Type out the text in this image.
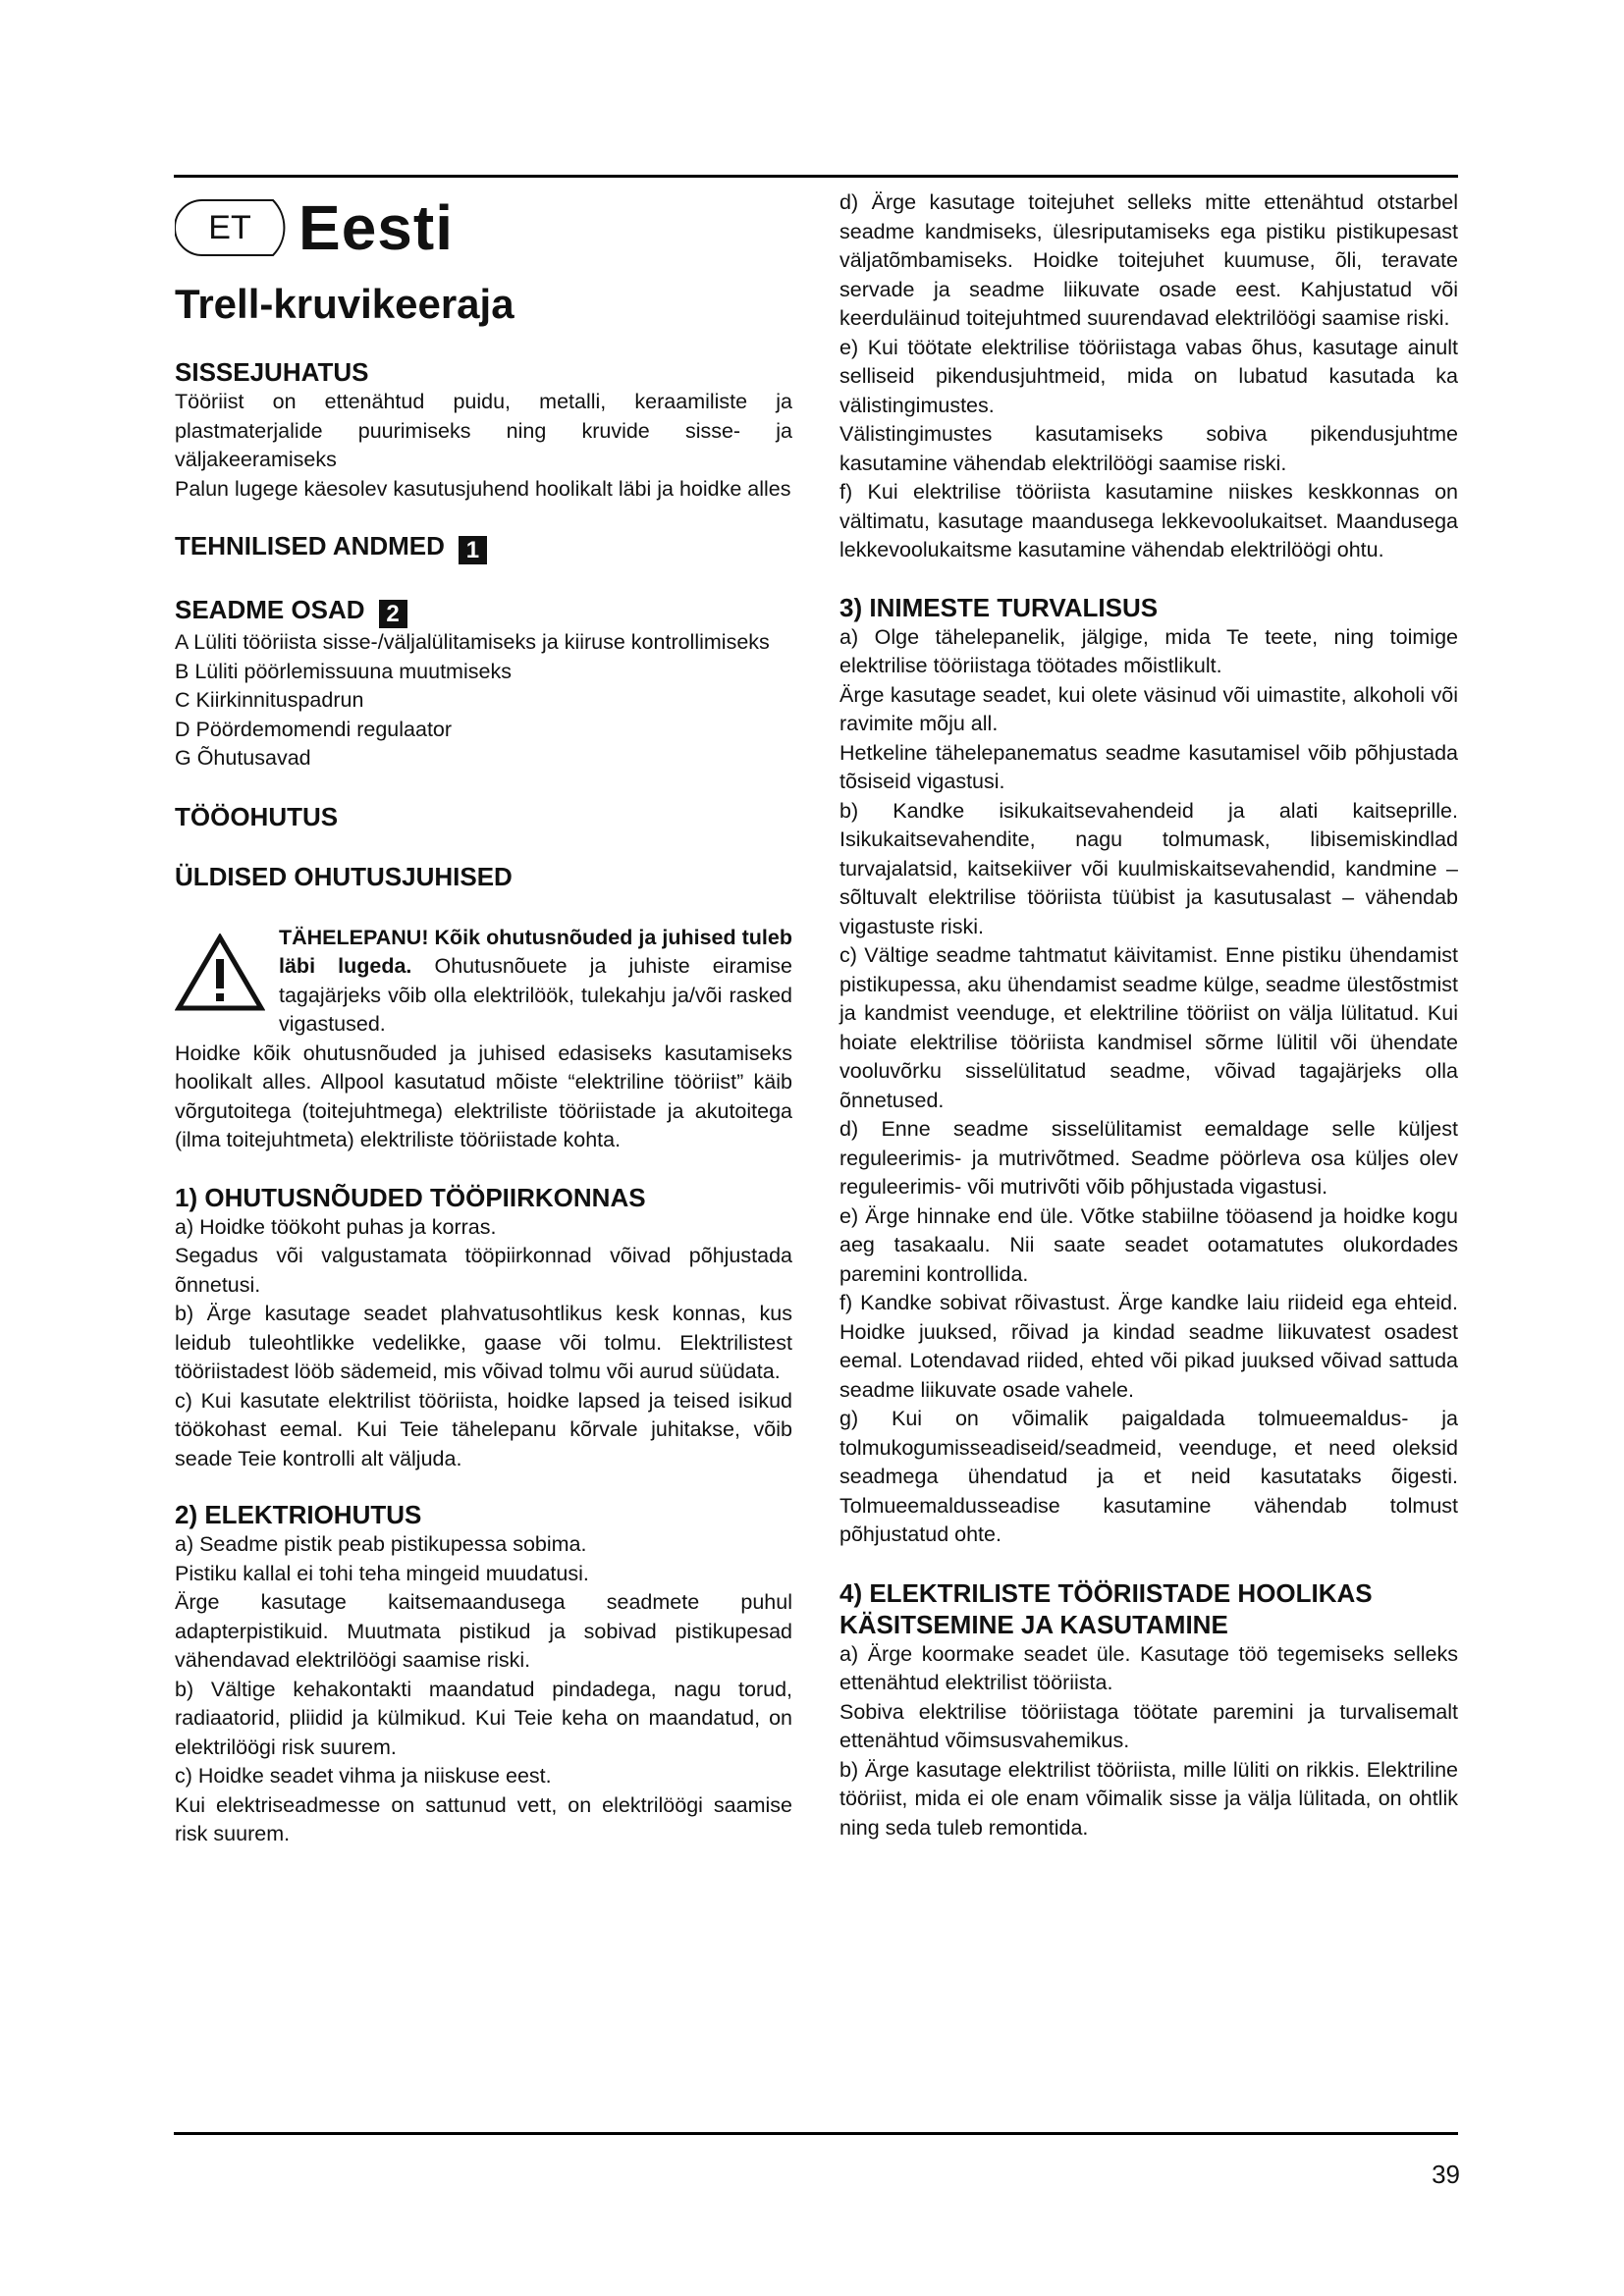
ET Eesti
Trell-kruvikeeraja
SISSEJUHATUS

Tööriist on ettenähtud puidu, metalli, keraamiliste ja plastmaterjalide puurimiseks ning kruvide sisse- ja väljakeeramiseks

Palun lugege käesolev kasutusjuhend hoolikalt läbi ja hoidke alles

TEHNILISED ANDMED 1
SEADME OSAD 2

A Lüliti tööriista sisse-/väljalülitamiseks ja kiiruse kontrollimiseks

B Lüliti pöörlemissuuna muutmiseks

C Kiirkinnituspadrun

D Pöördemomendi regulaator

G Õhutusavad

TÖÖOHUTUS
ÜLDISED OHUTUSJUHISED

TÄHELEPANU! Kõik ohutusnõuded ja juhised tuleb läbi lugeda. Ohutusnõuete ja juhiste eiramise tagajärjeks võib olla elektrilöök, tulekahju ja/või rasked vigastused.

Hoidke kõik ohutusnõuded ja juhised edasiseks kasutamiseks hoolikalt alles. Allpool kasutatud mõiste “elektriline tööriist” käib võrgutoitega (toitejuhtmega) elektriliste tööriistade ja akutoitega (ilma toitejuhtmeta) elektriliste tööriistade kohta.

1) OHUTUSNÕUDED TÖÖPIIRKONNAS

a) Hoidke töökoht puhas ja korras.

Segadus või valgustamata tööpiirkonnad võivad põhjustada õnnetusi.

b) Ärge kasutage seadet plahvatusohtlikus kesk konnas, kus leidub tuleohtlikke vedelikke, gaase või tolmu. Elektrilistest tööriistadest lööb sädemeid, mis võivad tolmu või aurud süüdata.

c) Kui kasutate elektrilist tööriista, hoidke lapsed ja teised isikud töökohast eemal. Kui Teie tähelepanu kõrvale juhitakse, võib seade Teie kontrolli alt väljuda.

2) ELEKTRIOHUTUS

a) Seadme pistik peab pistikupessa sobima.

Pistiku kallal ei tohi teha mingeid muudatusi.

Ärge kasutage kaitsemaandusega seadmete puhul adapterpistikuid. Muutmata pistikud ja sobivad pistikupesad vähendavad elektrilöögi saamise riski.

b) Vältige kehakontakti maandatud pindadega, nagu torud, radiaatorid, pliidid ja külmikud. Kui Teie keha on maandatud, on elektrilöögi risk suurem.

c) Hoidke seadet vihma ja niiskuse eest.

Kui elektriseadmesse on sattunud vett, on elektrilöögi saamise risk suurem.

d) Ärge kasutage toitejuhet selleks mitte ettenähtud otstarbel seadme kandmiseks, ülesriputamiseks ega pistiku pistikupesast väljatõmbamiseks. Hoidke toitejuhet kuumuse, õli, teravate servade ja seadme liikuvate osade eest. Kahjustatud või keerduläinud toitejuhtmed suurendavad elektrilöögi saamise riski.

e) Kui töötate elektrilise tööriistaga vabas õhus, kasutage ainult selliseid pikendusjuhtmeid, mida on lubatud kasutada ka välistingimustes.

Välistingimustes kasutamiseks sobiva pikendusjuhtme kasutamine vähendab elektrilöögi saamise riski.

f) Kui elektrilise tööriista kasutamine niiskes keskkonnas on vältimatu, kasutage maandusega lekkevoolukaitset. Maandusega lekkevoolukaitsme kasutamine vähendab elektrilöögi ohtu.

3) INIMESTE TURVALISUS

a) Olge tähelepanelik, jälgige, mida Te teete, ning toimige elektrilise tööriistaga töötades mõistlikult.

Ärge kasutage seadet, kui olete väsinud või uimastite, alkoholi või ravimite mõju all.

Hetkeline tähelepanematus seadme kasutamisel võib põhjustada tõsiseid vigastusi.

b) Kandke isikukaitsevahendeid ja alati kaitseprille. Isikukaitsevahendite, nagu tolmumask, libisemiskindlad turvajalatsid, kaitsekiiver või kuulmiskaitsevahendid, kandmine – sõltuvalt elektrilise tööriista tüübist ja kasutusalast – vähendab vigastuste riski.

c) Vältige seadme tahtmatut käivitamist. Enne pistiku ühendamist pistikupessa, aku ühendamist seadme külge, seadme ülestõstmist ja kandmist veenduge, et elektriline tööriist on välja lülitatud. Kui hoiate elektrilise tööriista kandmisel sõrme lülitil või ühendate vooluvõrku sisselülitatud seadme, võivad tagajärjeks olla õnnetused.

d) Enne seadme sisselülitamist eemaldage selle küljest reguleerimis- ja mutrivõtmed. Seadme pöörleva osa küljes olev reguleerimis- või mutrivõti võib põhjustada vigastusi.

e) Ärge hinnake end üle. Võtke stabiilne tööasend ja hoidke kogu aeg tasakaalu. Nii saate seadet ootamatutes olukordades paremini kontrollida.

f) Kandke sobivat rõivastust. Ärge kandke laiu riideid ega ehteid. Hoidke juuksed, rõivad ja kindad seadme liikuvatest osadest eemal. Lotendavad riided, ehted või pikad juuksed võivad sattuda seadme liikuvate osade vahele.

g) Kui on võimalik paigaldada tolmueemaldus- ja tolmukogumisseadiseid/seadmeid, veenduge, et need oleksid seadmega ühendatud ja et neid kasutataks õigesti. Tolmueemaldusseadise kasutamine vähendab tolmust põhjustatud ohte.

4) ELEKTRILISTE TÖÖRIISTADE HOOLIKAS KÄSITSEMINE JA KASUTAMINE

a) Ärge koormake seadet üle. Kasutage töö tegemiseks selleks ettenähtud elektrilist tööriista.

Sobiva elektrilise tööriistaga töötate paremini ja turvalisemalt ettenähtud võimsusvahemikus.

b) Ärge kasutage elektrilist tööriista, mille lüliti on rikkis. Elektriline tööriist, mida ei ole enam võimalik sisse ja välja lülitada, on ohtlik ning seda tuleb remontida.

39
